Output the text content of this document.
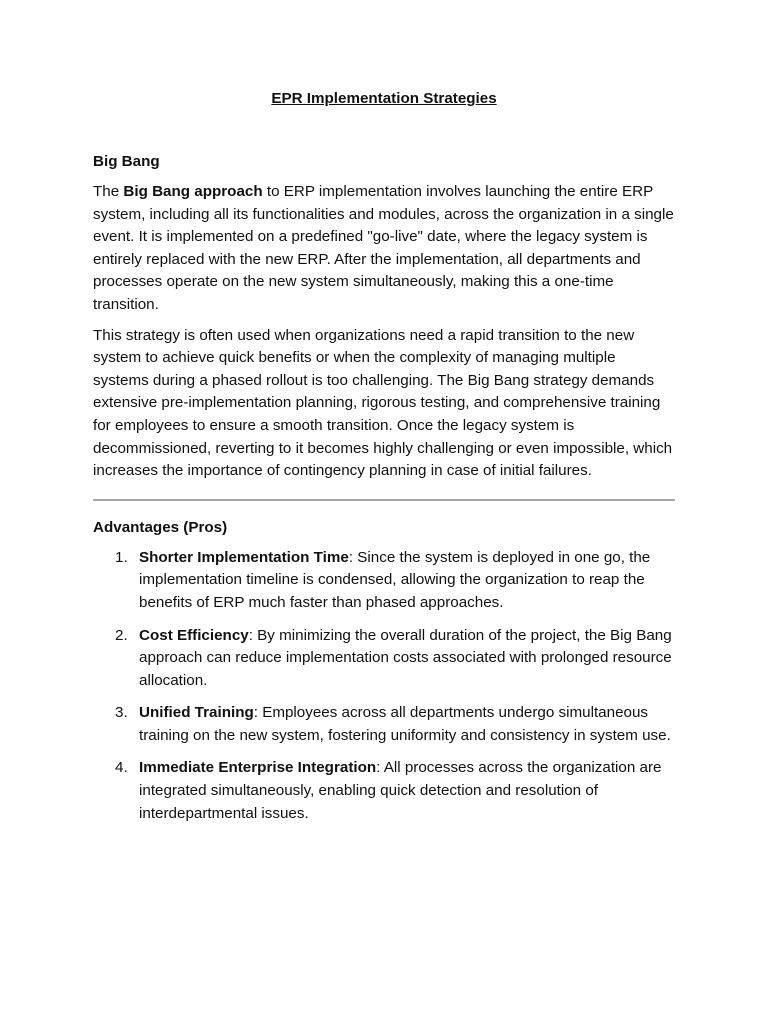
EPR Implementation Strategies
Big Bang

The Big Bang approach to ERP implementation involves launching the entire ERP system, including all its functionalities and modules, across the organization in a single event. It is implemented on a predefined "go-live" date, where the legacy system is entirely replaced with the new ERP. After the implementation, all departments and processes operate on the new system simultaneously, making this a one-time transition.

This strategy is often used when organizations need a rapid transition to the new system to achieve quick benefits or when the complexity of managing multiple systems during a phased rollout is too challenging. The Big Bang strategy demands extensive pre-implementation planning, rigorous testing, and comprehensive training for employees to ensure a smooth transition. Once the legacy system is decommissioned, reverting to it becomes highly challenging or even impossible, which increases the importance of contingency planning in case of initial failures.

Advantages (Pros)
1. Shorter Implementation Time: Since the system is deployed in one go, the implementation timeline is condensed, allowing the organization to reap the benefits of ERP much faster than phased approaches.
2. Cost Efficiency: By minimizing the overall duration of the project, the Big Bang approach can reduce implementation costs associated with prolonged resource allocation.
3. Unified Training: Employees across all departments undergo simultaneous training on the new system, fostering uniformity and consistency in system use.
4. Immediate Enterprise Integration: All processes across the organization are integrated simultaneously, enabling quick detection and resolution of interdepartmental issues.
